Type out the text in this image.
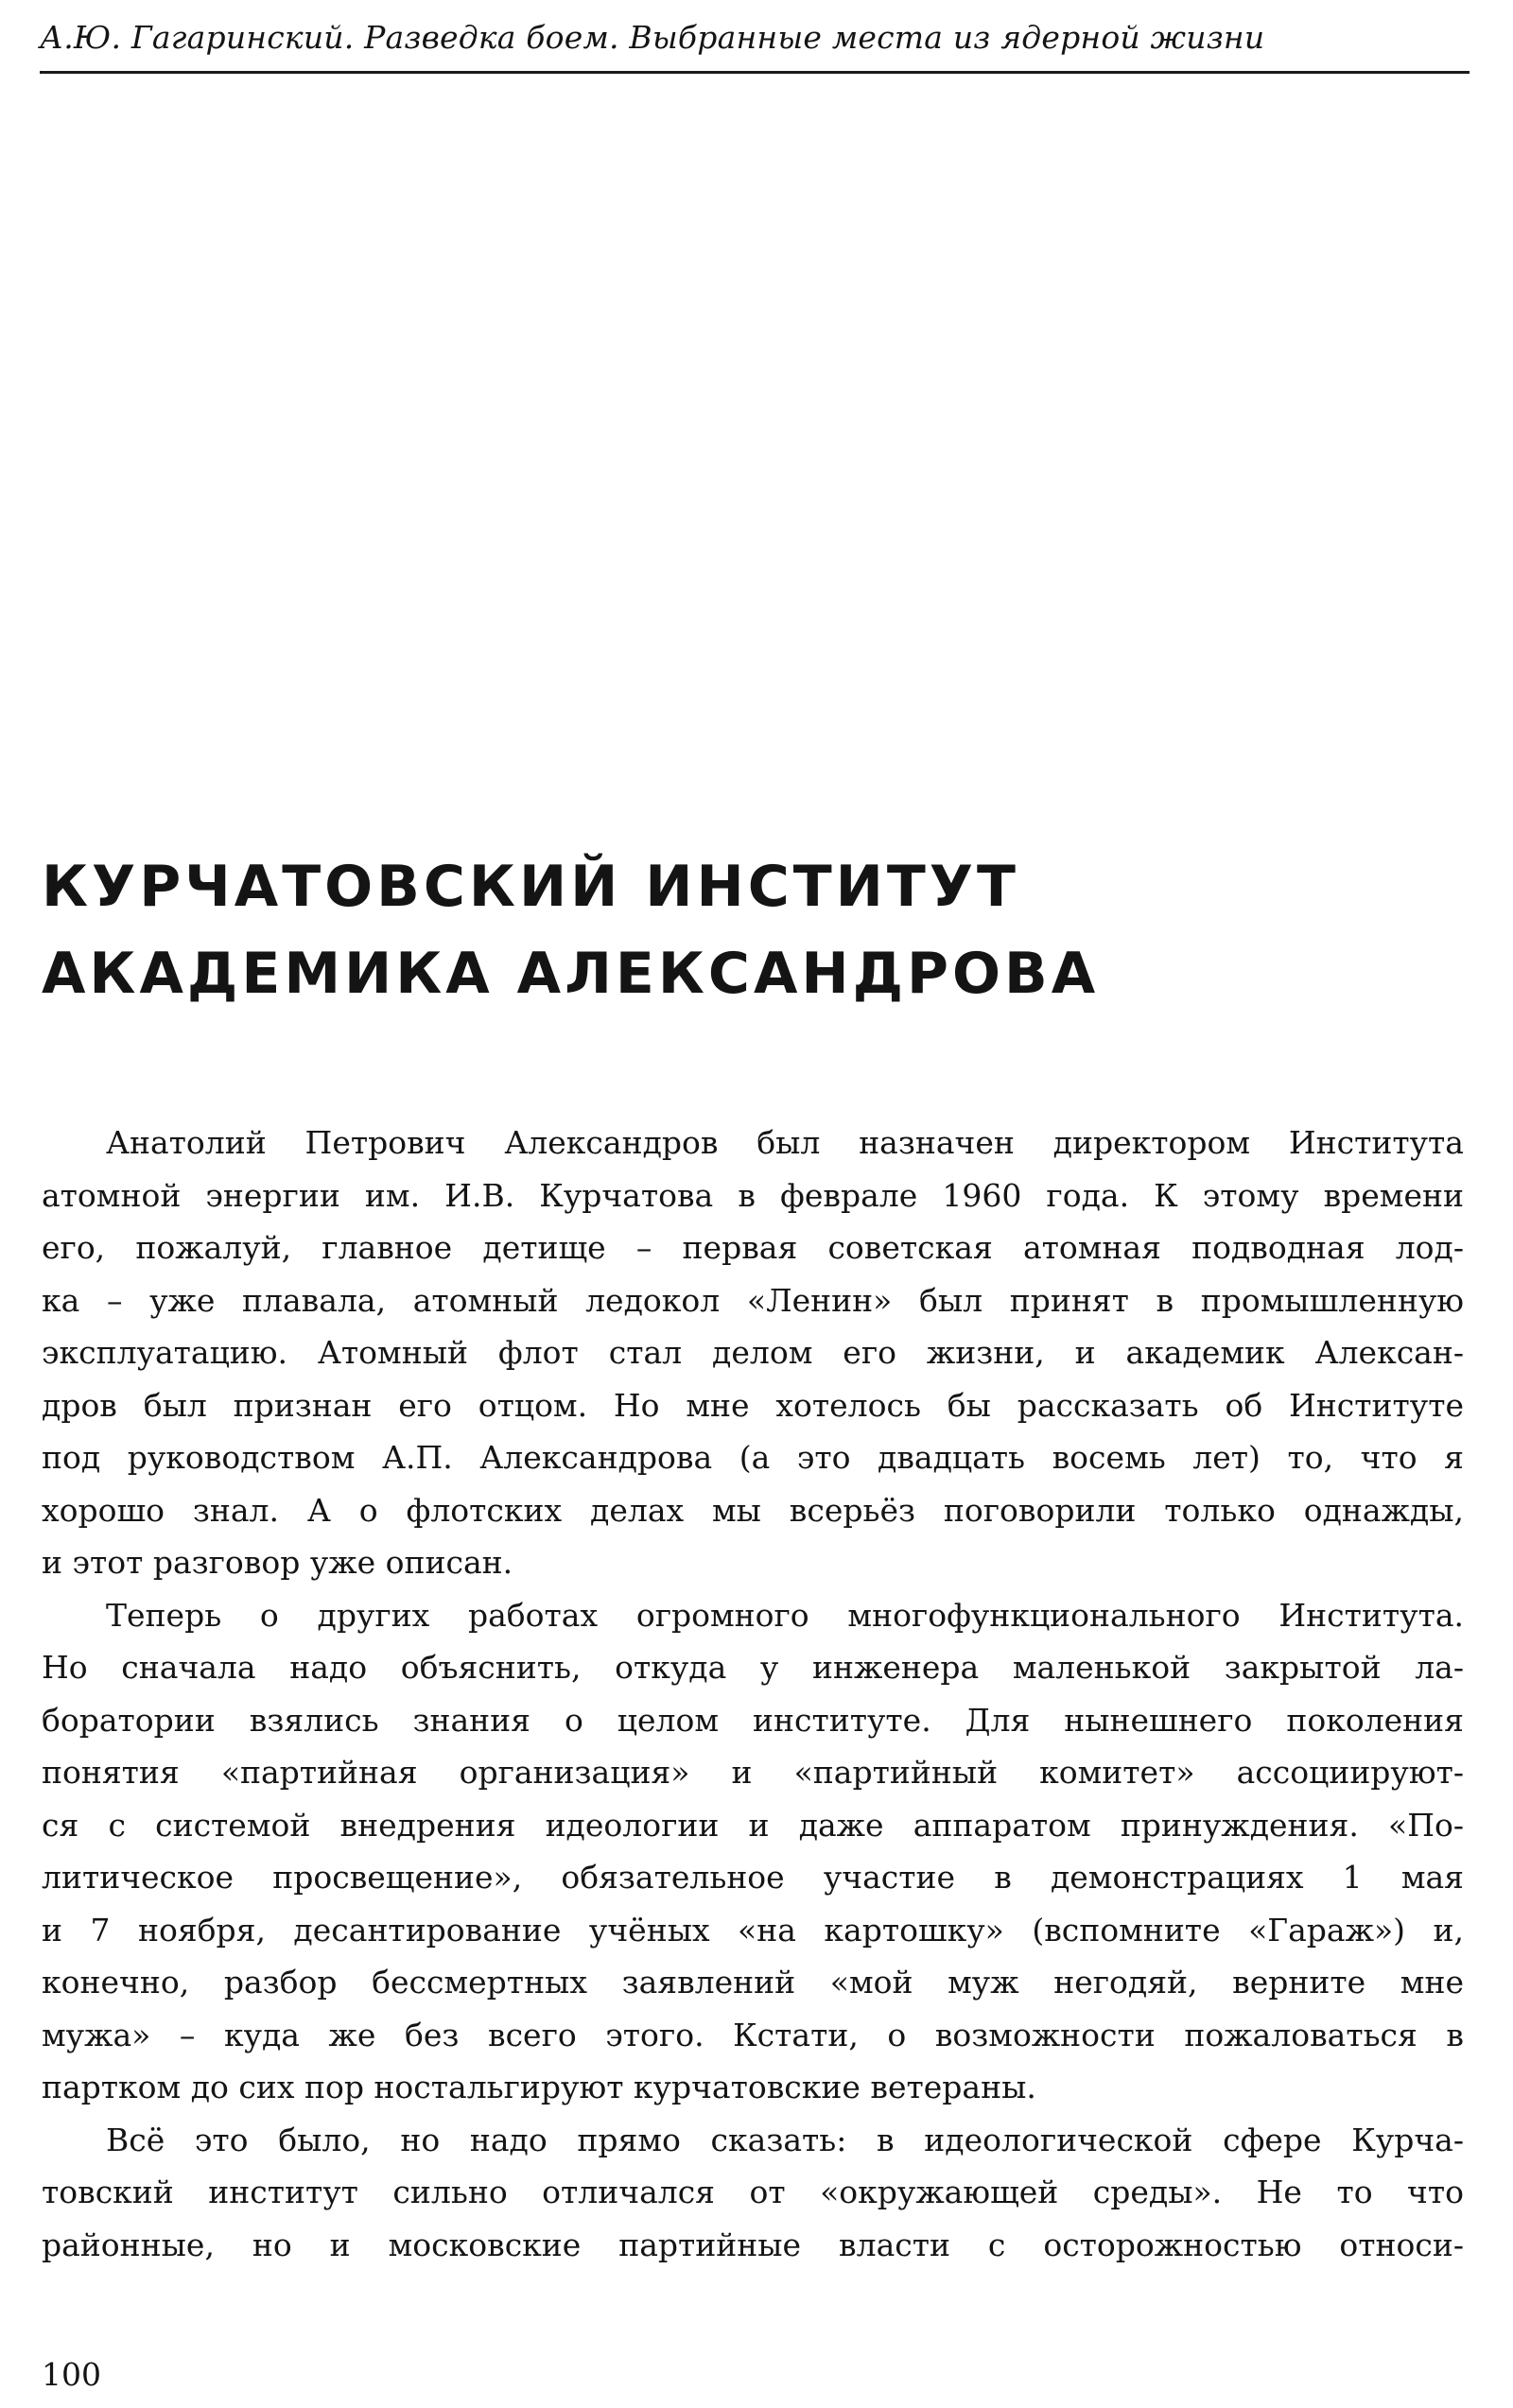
А.Ю. Гагаринский. Разведка боем. Выбранные места из ядерной жизни
КУРЧАТОВСКИЙ ИНСТИТУТ
АКАДЕМИКА АЛЕКСАНДРОВА
Анатолий Петрович Александров был назначен директором Института
атомной энергии им. И.В. Курчатова в феврале 1960 года. К этому времени
его, пожалуй, главное детище – первая советская атомная подводная лод-
ка – уже плавала, атомный ледокол «Ленин» был принят в промышленную
эксплуатацию. Атомный флот стал делом его жизни, и академик Алексан-
дров был признан его отцом. Но мне хотелось бы рассказать об Институте
под руководством А.П. Александрова (а это двадцать восемь лет) то, что я
хорошо знал. А о флотских делах мы всерьёз поговорили только однажды,
и этот разговор уже описан.
Теперь о других работах огромного многофункционального Института.
Но сначала надо объяснить, откуда у инженера маленькой закрытой ла-
боратории взялись знания о целом институте. Для нынешнего поколения
понятия «партийная организация» и «партийный комитет» ассоциируют-
ся с системой внедрения идеологии и даже аппаратом принуждения. «По-
литическое просвещение», обязательное участие в демонстрациях 1 мая
и 7 ноября, десантирование учёных «на картошку» (вспомните «Гараж») и,
конечно, разбор бессмертных заявлений «мой муж негодяй, верните мне
мужа» – куда же без всего этого. Кстати, о возможности пожаловаться в
партком до сих пор ностальгируют курчатовские ветераны.
Всё это было, но надо прямо сказать: в идеологической сфере Курча-
товский институт сильно отличался от «окружающей среды». Не то что
районные, но и московские партийные власти с осторожностью относи-
100
